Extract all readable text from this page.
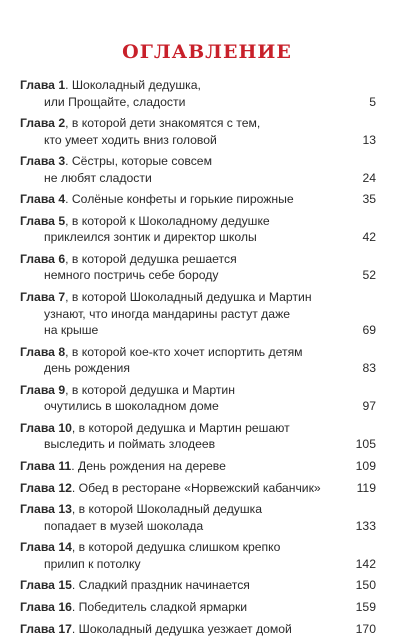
оглавление
Глава 1. Шоколадный дедушка,
или Прощайте, сладости	5
Глава 2, в которой дети знакомятся с тем,
кто умеет ходить вниз головой	13
Глава 3. Сёстры, которые совсем
не любят сладости	24
Глава 4. Солёные конфеты и горькие пирожные	35
Глава 5, в которой к Шоколадному дедушке
приклеился зонтик и директор школы	42
Глава 6, в которой дедушка решается
немного постричь себе бороду	52
Глава 7, в которой Шоколадный дедушка и Мартин
узнают, что иногда мандарины растут даже
на крыше	69
Глава 8, в которой кое-кто хочет испортить детям
день рождения	83
Глава 9, в которой дедушка и Мартин
очутились в шоколадном доме	97
Глава 10, в которой дедушка и Мартин решают
выследить и поймать злодеев	105
Глава 11. День рождения на дереве	109
Глава 12. Обед в ресторане «Норвежский кабанчик»	119
Глава 13, в которой Шоколадный дедушка
попадает в музей шоколада	133
Глава 14, в которой дедушка слишком крепко
прилип к потолку	142
Глава 15. Сладкий праздник начинается	150
Глава 16. Победитель сладкой ярмарки	159
Глава 17. Шоколадный дедушка уезжает домой	170
